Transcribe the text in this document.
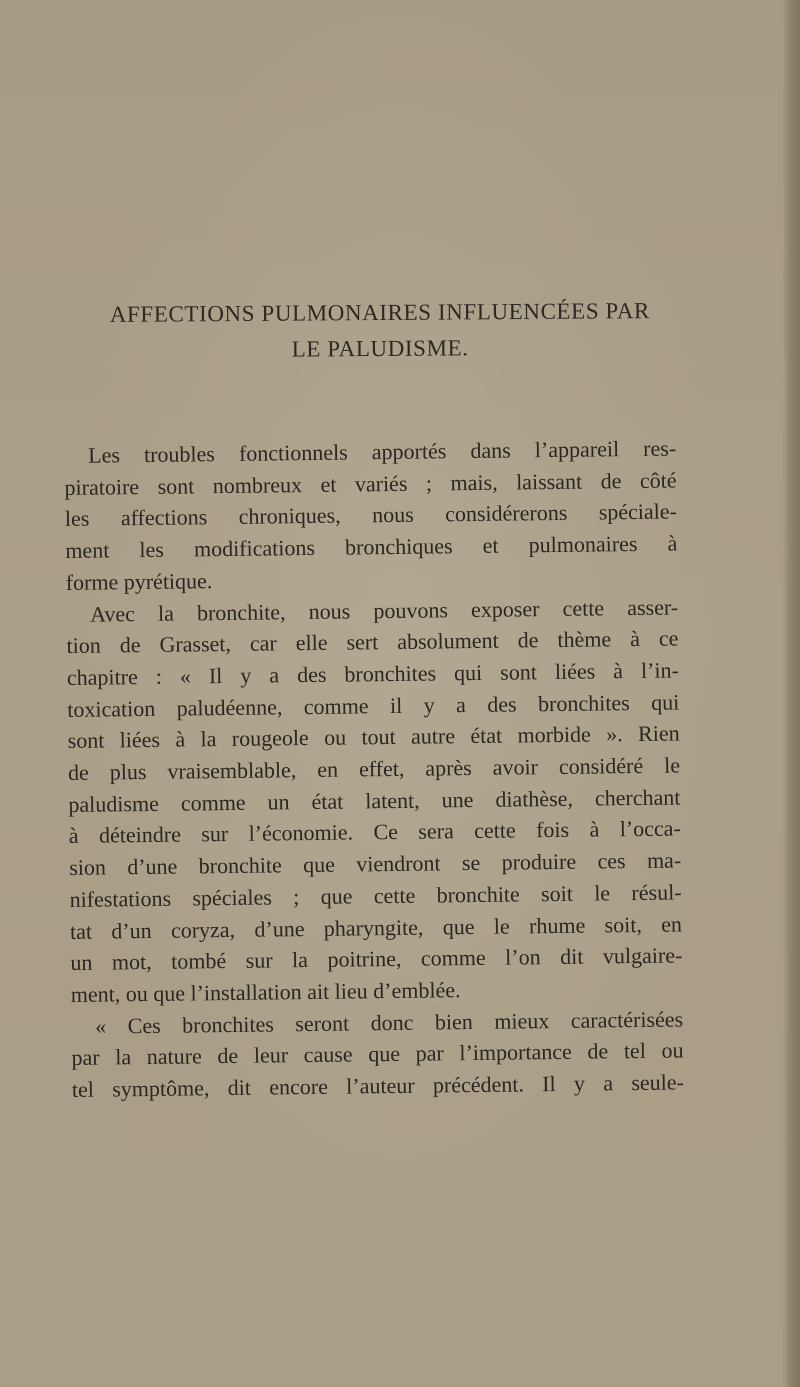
AFFECTIONS PULMONAIRES INFLUENCÉES PAR
LE PALUDISME.
Les troubles fonctionnels apportés dans l’appareil res-
piratoire sont nombreux et variés ; mais, laissant de côté
les affections chroniques, nous considérerons spéciale-
ment les modifications bronchiques et pulmonaires à
forme pyrétique.
Avec la bronchite, nous pouvons exposer cette asser-
tion de Grasset, car elle sert absolument de thème à ce
chapitre : « Il y a des bronchites qui sont liées à l’in-
toxication paludéenne, comme il y a des bronchites qui
sont liées à la rougeole ou tout autre état morbide ». Rien
de plus vraisemblable, en effet, après avoir considéré le
paludisme comme un état latent, une diathèse, cherchant
à déteindre sur l’économie. Ce sera cette fois à l’occa-
sion d’une bronchite que viendront se produire ces ma-
nifestations spéciales ; que cette bronchite soit le résul-
tat d’un coryza, d’une pharyngite, que le rhume soit, en
un mot, tombé sur la poitrine, comme l’on dit vulgaire-
ment, ou que l’installation ait lieu d’emblée.
« Ces bronchites seront donc bien mieux caractérisées
par la nature de leur cause que par l’importance de tel ou
tel symptôme, dit encore l’auteur précédent. Il y a seule-
